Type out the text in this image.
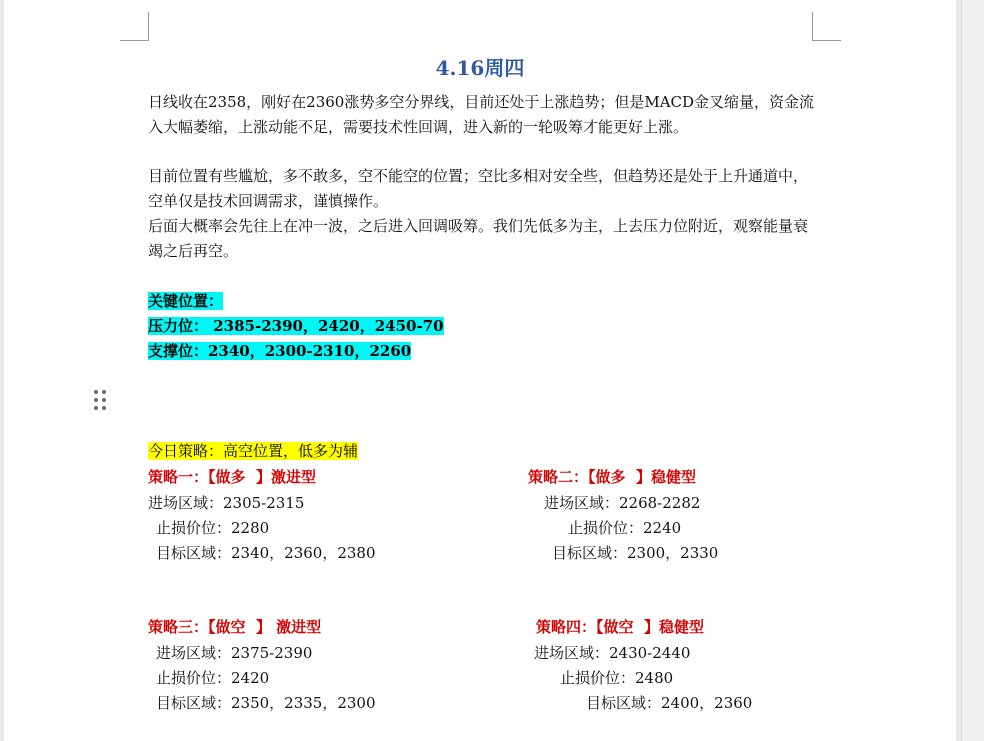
4.16周四
日线收在2358，刚好在2360涨势多空分界线，目前还处于上涨趋势；但是MACD金叉缩量，资金流入大幅萎缩，上涨动能不足，需要技术性回调，进入新的一轮吸筹才能更好上涨。
目前位置有些尴尬，多不敢多，空不能空的位置；空比多相对安全些，但趋势还是处于上升通道中，空单仅是技术回调需求，谨慎操作。
后面大概率会先往上在冲一波，之后进入回调吸筹。我们先低多为主，上去压力位附近，观察能量衰竭之后再空。
关键位置：
压力位： 2385-2390，2420，2450-70
支撑位：2340，2300-2310，2260
今日策略：高空位置，低多为辅
策略一：【做多  】激进型
进场区域：2305-2315
止损价位：2280
目标区域：2340，2360，2380
策略二：【做多  】稳健型
进场区域：2268-2282
止损价位：2240
目标区域：2300，2330
策略三：【做空  】 激进型
进场区域：2375-2390
止损价位：2420
目标区域：2350，2335，2300
策略四：【做空  】稳健型
进场区域：2430-2440
止损价位：2480
目标区域：2400，2360
